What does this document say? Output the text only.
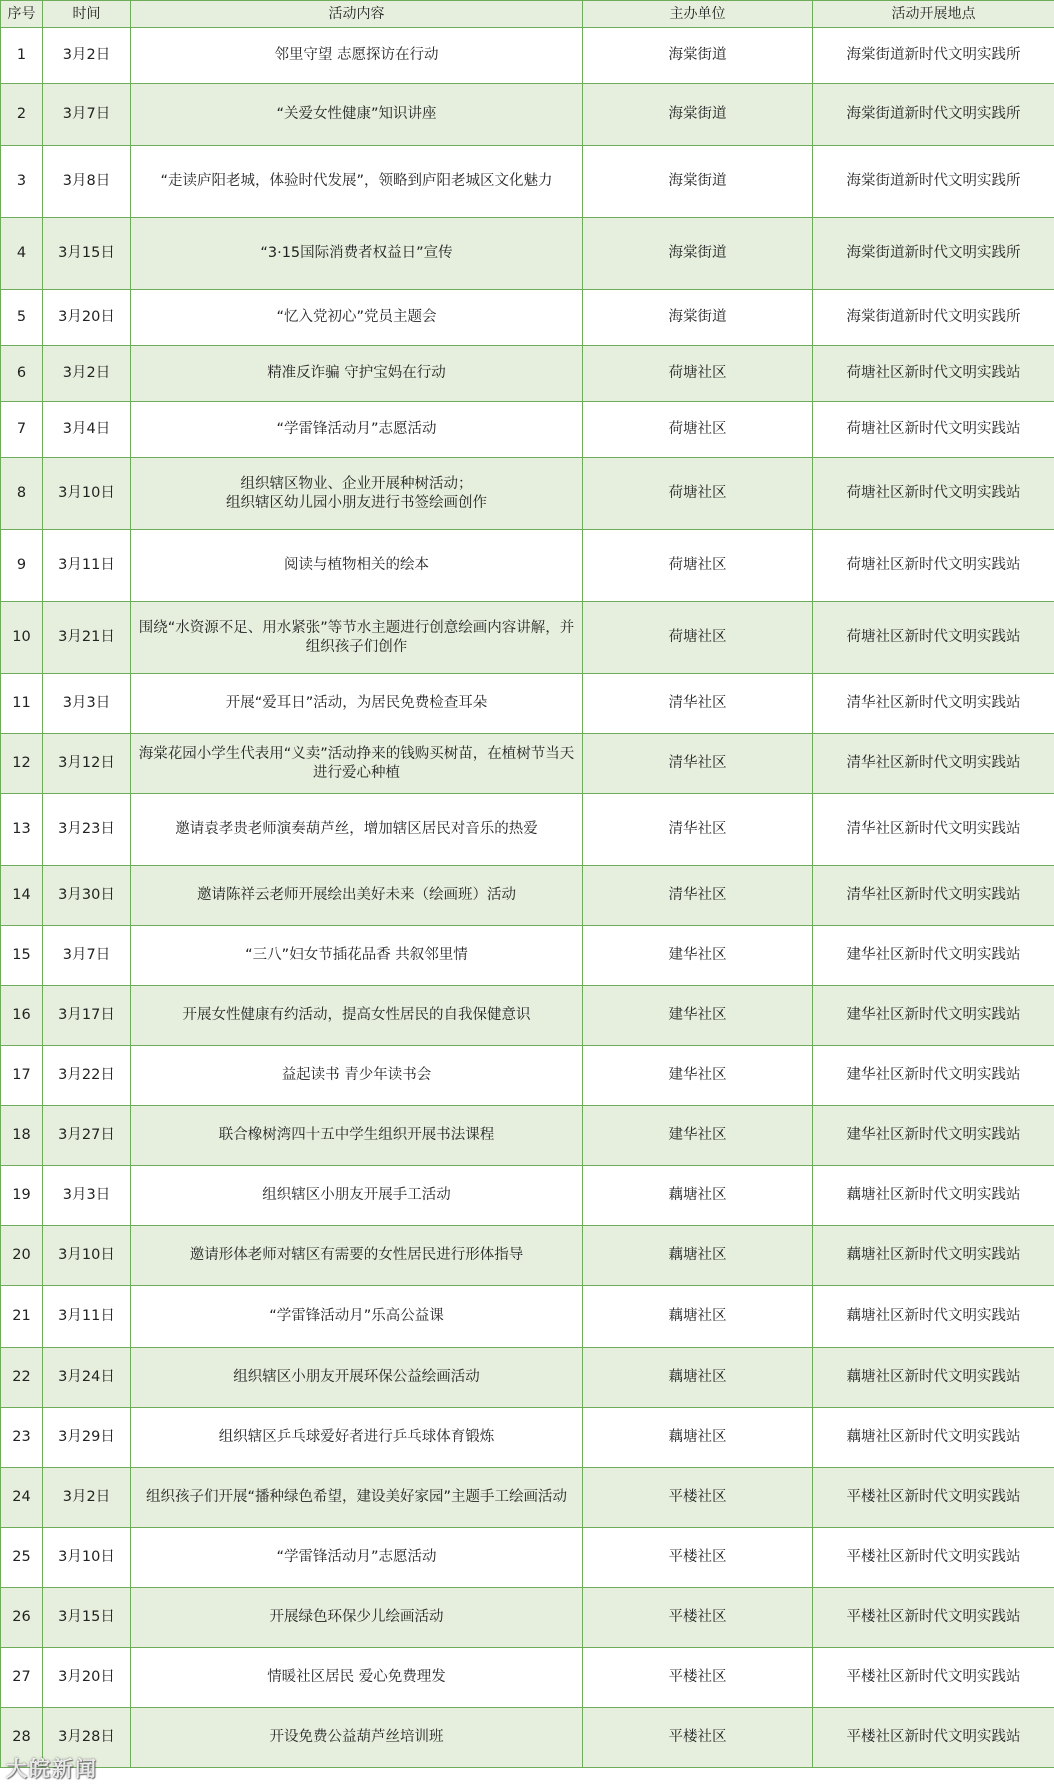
序号	时间	活动内容	主办单位	活动开展地点
1	3月2日	邻里守望 志愿探访在行动	海棠街道	海棠街道新时代文明实践所
2	3月7日	“关爱女性健康”知识讲座	海棠街道	海棠街道新时代文明实践所
3	3月8日	“走读庐阳老城，体验时代发展”，领略到庐阳老城区文化魅力	海棠街道	海棠街道新时代文明实践所
4	3月15日	“3·15国际消费者权益日”宣传	海棠街道	海棠街道新时代文明实践所
5	3月20日	“忆入党初心”党员主题会	海棠街道	海棠街道新时代文明实践所
6	3月2日	精准反诈骗 守护宝妈在行动	荷塘社区	荷塘社区新时代文明实践站
7	3月4日	“学雷锋活动月”志愿活动	荷塘社区	荷塘社区新时代文明实践站
8	3月10日	组织辖区物业、企业开展种树活动；
组织辖区幼儿园小朋友进行书签绘画创作	荷塘社区	荷塘社区新时代文明实践站
9	3月11日	阅读与植物相关的绘本	荷塘社区	荷塘社区新时代文明实践站
10	3月21日	围绕“水资源不足、用水紧张”等节水主题进行创意绘画内容讲解，并组织孩子们创作	荷塘社区	荷塘社区新时代文明实践站
11	3月3日	开展“爱耳日”活动，为居民免费检查耳朵	清华社区	清华社区新时代文明实践站
12	3月12日	海棠花园小学生代表用“义卖”活动挣来的钱购买树苗，在植树节当天进行爱心种植	清华社区	清华社区新时代文明实践站
13	3月23日	邀请袁孝贵老师演奏葫芦丝，增加辖区居民对音乐的热爱	清华社区	清华社区新时代文明实践站
14	3月30日	邀请陈祥云老师开展绘出美好未来（绘画班）活动	清华社区	清华社区新时代文明实践站
15	3月7日	“三八”妇女节插花品香 共叙邻里情	建华社区	建华社区新时代文明实践站
16	3月17日	开展女性健康有约活动，提高女性居民的自我保健意识	建华社区	建华社区新时代文明实践站
17	3月22日	益起读书 青少年读书会	建华社区	建华社区新时代文明实践站
18	3月27日	联合橡树湾四十五中学生组织开展书法课程	建华社区	建华社区新时代文明实践站
19	3月3日	组织辖区小朋友开展手工活动	藕塘社区	藕塘社区新时代文明实践站
20	3月10日	邀请形体老师对辖区有需要的女性居民进行形体指导	藕塘社区	藕塘社区新时代文明实践站
21	3月11日	“学雷锋活动月”乐高公益课	藕塘社区	藕塘社区新时代文明实践站
22	3月24日	组织辖区小朋友开展环保公益绘画活动	藕塘社区	藕塘社区新时代文明实践站
23	3月29日	组织辖区乒乓球爱好者进行乒乓球体育锻炼	藕塘社区	藕塘社区新时代文明实践站
24	3月2日	组织孩子们开展“播种绿色希望，建设美好家园”主题手工绘画活动	平楼社区	平楼社区新时代文明实践站
25	3月10日	“学雷锋活动月”志愿活动	平楼社区	平楼社区新时代文明实践站
26	3月15日	开展绿色环保少儿绘画活动	平楼社区	平楼社区新时代文明实践站
27	3月20日	情暖社区居民 爱心免费理发	平楼社区	平楼社区新时代文明实践站
28	3月28日	开设免费公益葫芦丝培训班	平楼社区	平楼社区新时代文明实践站
大皖新闻
